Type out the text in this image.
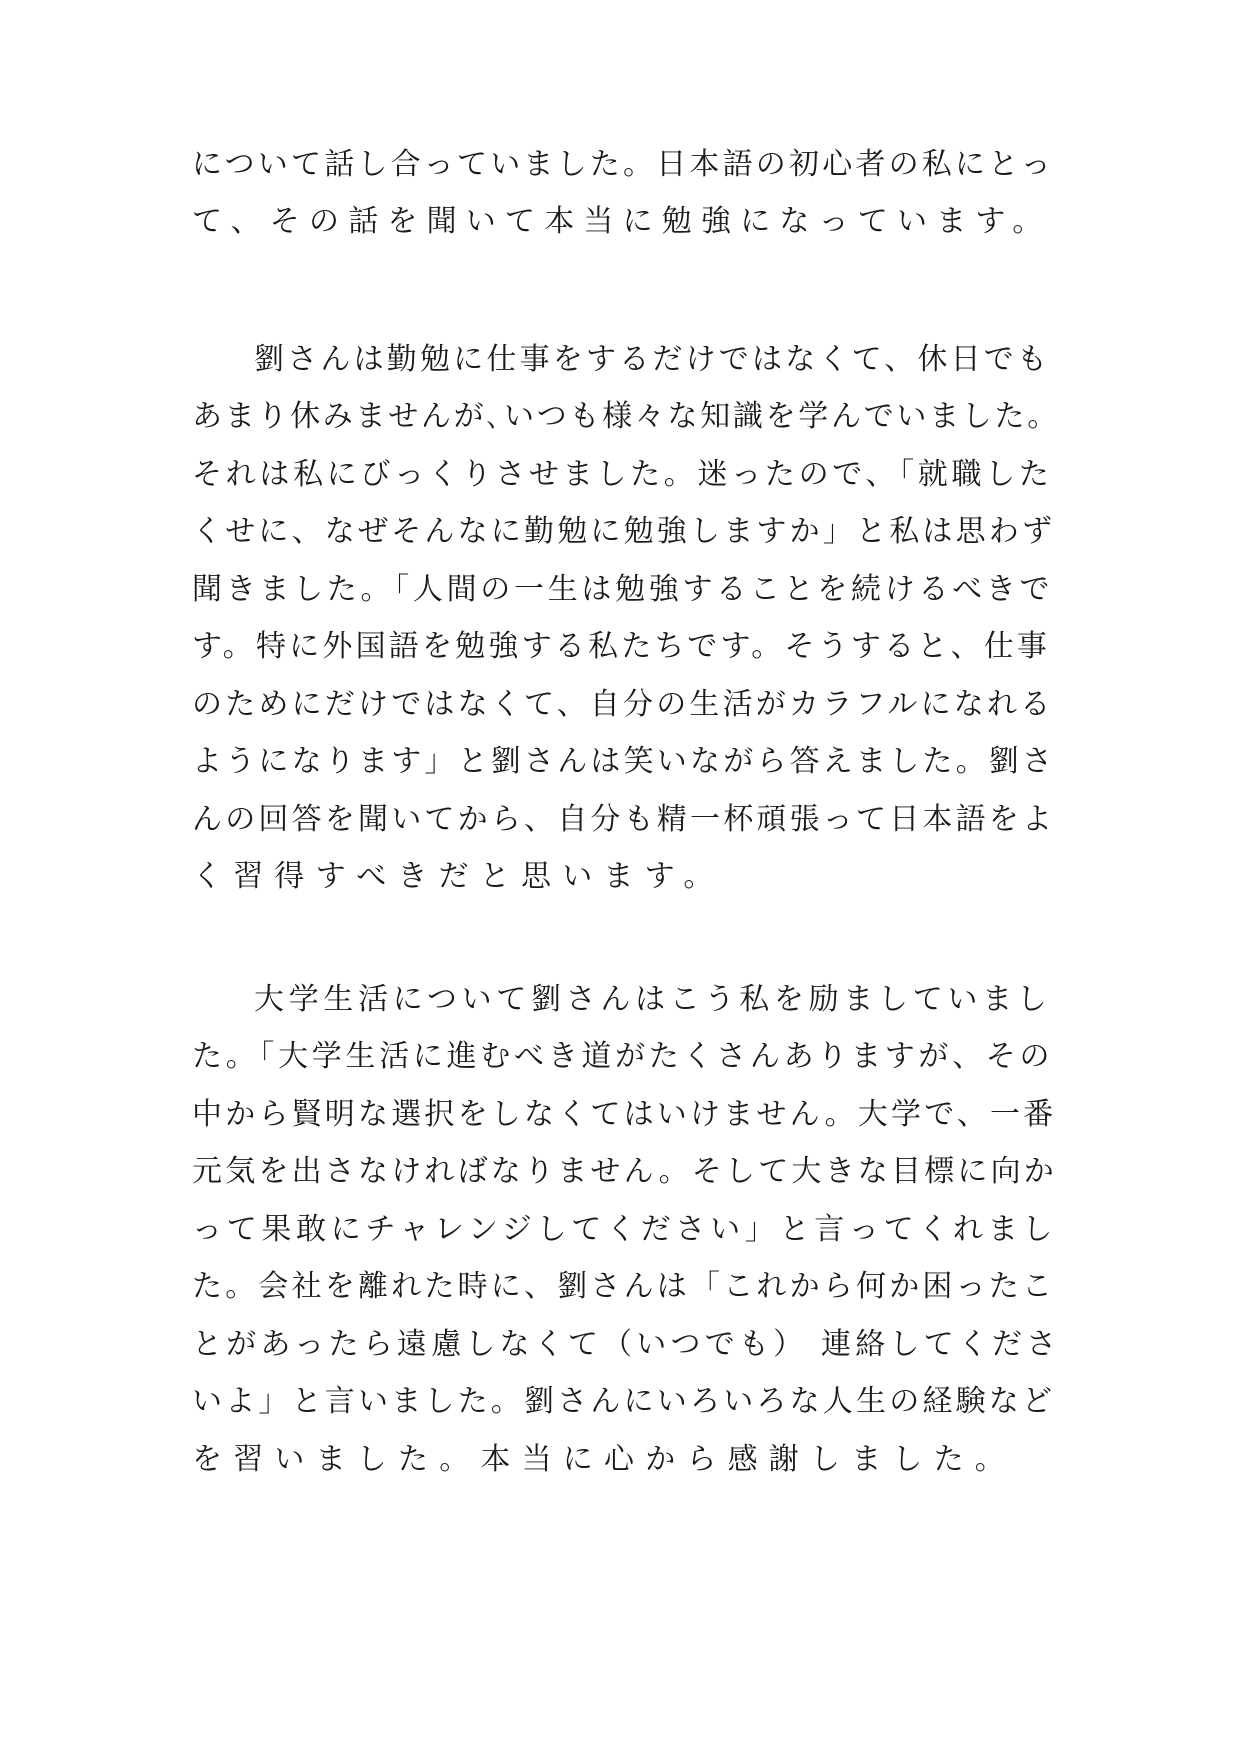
について話し合っていました。日本語の初心者の私にとっ
て、その話を聞いて本当に勉強になっています。
劉さんは勤勉に仕事をするだけではなくて、休日でも
あまり休みませんが､いつも様々な知識を学んでいました。
それは私にびっくりさせました。迷ったので、「就職した
くせに、なぜそんなに勤勉に勉強しますか」と私は思わず
聞きました。「人間の一生は勉強することを続けるべきで
す。特に外国語を勉強する私たちです。そうすると、仕事
のためにだけではなくて、自分の生活がカラフルになれる
ようになります」と劉さんは笑いながら答えました。劉さ
んの回答を聞いてから、自分も精一杯頑張って日本語をよ
く習得すべきだと思います。
大学生活について劉さんはこう私を励ましていまし
た。「大学生活に進むべき道がたくさんありますが、その
中から賢明な選択をしなくてはいけません。大学で、一番
元気を出さなければなりません。そして大きな目標に向か
って果敢にチャレンジしてください」と言ってくれまし
た。会社を離れた時に、劉さんは「これから何か困ったこ
とがあったら遠慮しなくて（いつでも） 連絡してくださ
いよ」と言いました。劉さんにいろいろな人生の経験など
を習いました。本当に心から感謝しました。
